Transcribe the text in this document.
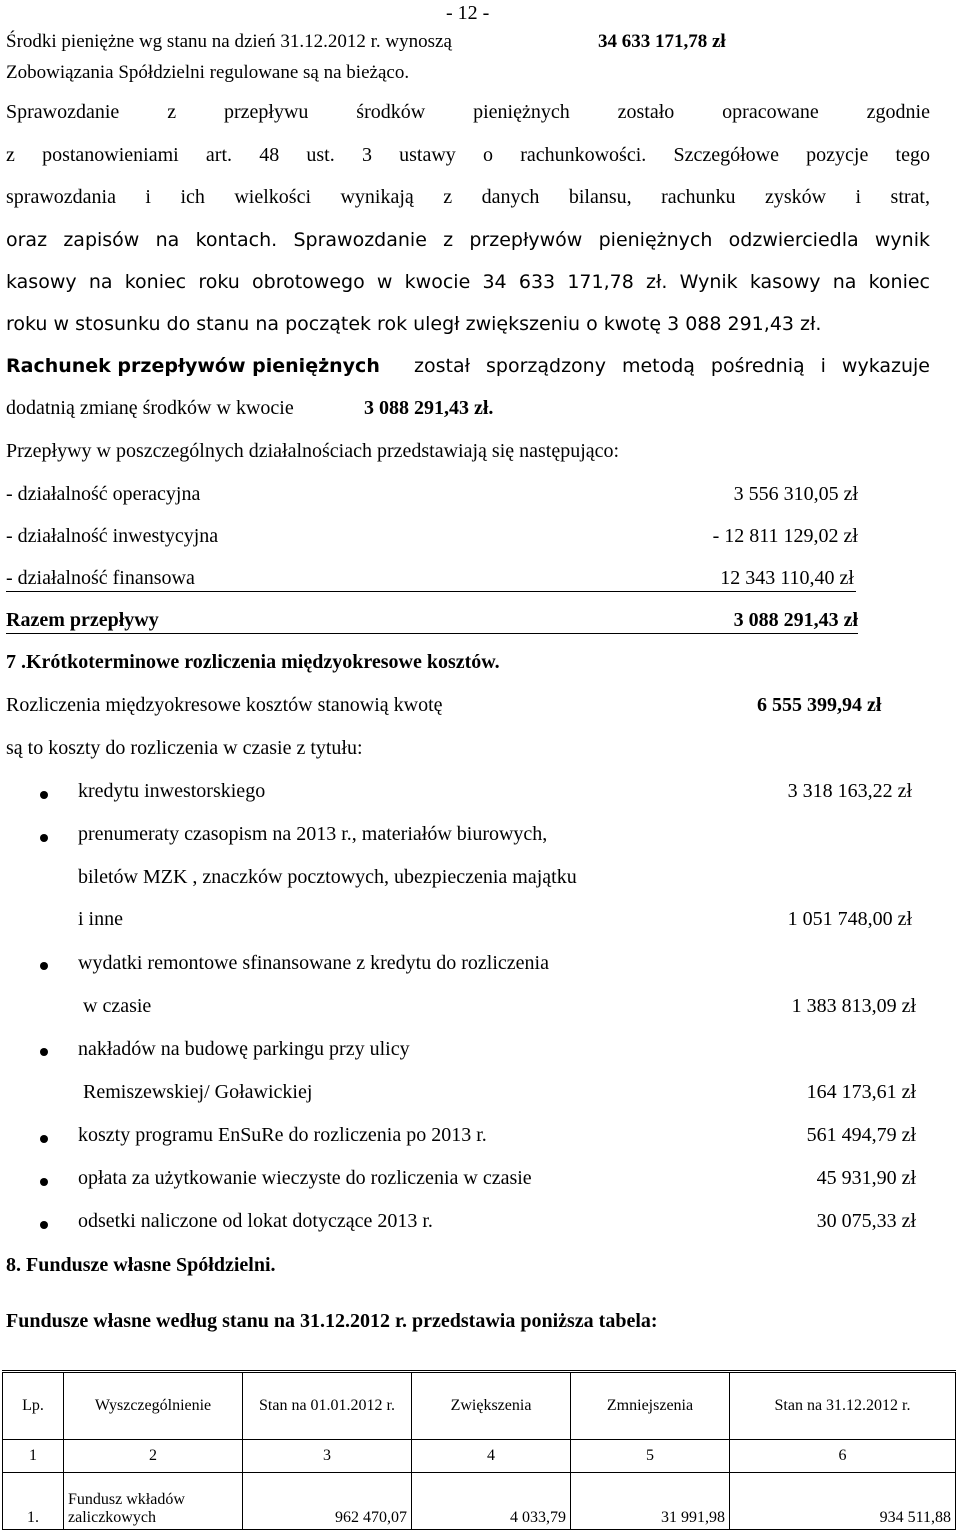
- 12 -
Środki pieniężne wg stanu na dzień 31.12.2012 r. wynoszą	34 633 171,78 zł
Zobowiązania Spółdzielni regulowane są na bieżąco.
Sprawozdanie z przepływu środków pieniężnych zostało opracowane zgodnie
z postanowieniami art. 48 ust. 3 ustawy o rachunkowości. Szczegółowe pozycje tego
sprawozdania i ich wielkości wynikają z danych bilansu, rachunku zysków i strat,
oraz zapisów na kontach. Sprawozdanie z przepływów pieniężnych odzwierciedla wynik
kasowy na koniec roku obrotowego w kwocie 34 633 171,78 zł. Wynik kasowy na koniec
roku w stosunku do stanu na początek rok uległ zwiększeniu o kwotę 3 088 291,43 zł.
Rachunek przepływów pieniężnych został sporządzony metodą pośrednią i wykazuje
dodatnią zmianę środków w kwocie	3 088 291,43 zł.
Przepływy w poszczególnych działalnościach przedstawiają się następująco:
- działalność operacyjna	3 556 310,05 zł
- działalność inwestycyjna	- 12 811 129,02 zł
- działalność finansowa	12 343 110,40 zł
Razem przepływy	3 088 291,43 zł
7 .Krótkoterminowe rozliczenia międzyokresowe kosztów.
Rozliczenia międzyokresowe kosztów stanowią kwotę	6 555 399,94 zł
są to koszty do rozliczenia w czasie z tytułu:
kredytu inwestorskiego	3 318 163,22 zł
prenumeraty czasopism na 2013 r., materiałów biurowych,
biletów MZK , znaczków pocztowych, ubezpieczenia majątku
i inne	1 051 748,00 zł
wydatki remontowe sfinansowane z kredytu do rozliczenia
w czasie	1 383 813,09 zł
nakładów na budowę parkingu przy ulicy
Remiszewskiej/ Goławickiej	164 173,61 zł
koszty programu EnSuRe do rozliczenia po 2013 r.	561 494,79 zł
opłata za użytkowanie wieczyste do rozliczenia w czasie	45 931,90 zł
odsetki naliczone od lokat dotyczące 2013 r.	30 075,33 zł
8. Fundusze własne Spółdzielni.
Fundusze własne według stanu na 31.12.2012 r. przedstawia poniższa tabela:
Lp.	Wyszczególnienie	Stan na 01.01.2012 r.	Zwiększenia	Zmniejszenia	Stan na 31.12.2012 r.
1	2	3	4	5	6
1.	Fundusz wkładów zaliczkowych	962 470,07	4 033,79	31 991,98	934 511,88
